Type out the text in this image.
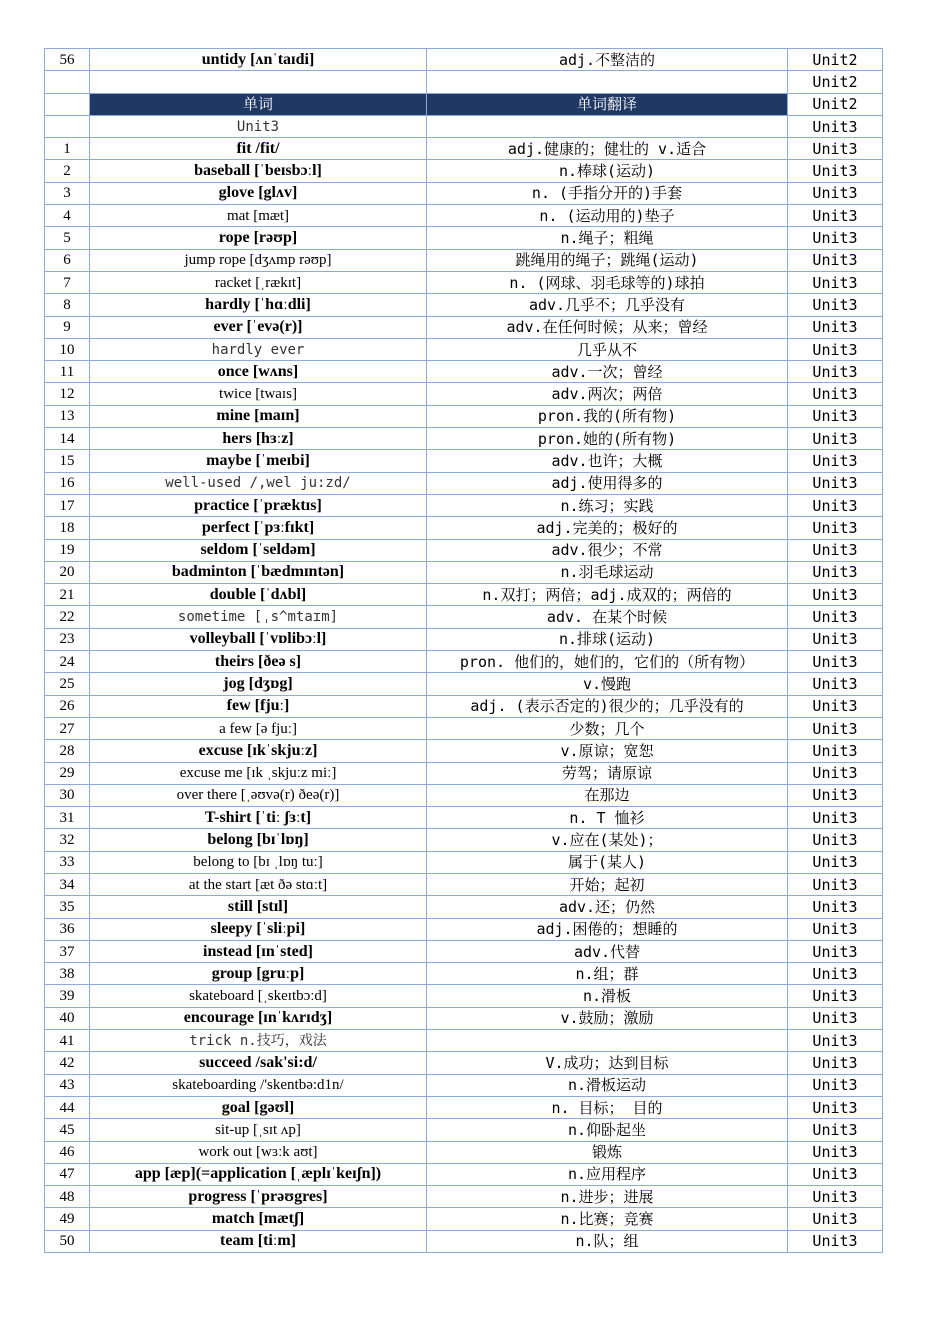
56	untidy [ʌnˈtaɪdi]	adj.不整洁的	Unit2
			Unit2
	单词	单词翻译	Unit2
	Unit3		Unit3
1	fit /fit/	adj.健康的；健壮的 v.适合	Unit3
2	baseball [ˈbeɪsbɔːl]	n.棒球(运动)	Unit3
3	glove [glʌv]	n. (手指分开的)手套	Unit3
4	mat [mæt]	n. (运动用的)垫子	Unit3
5	rope [rəʊp]	n.绳子；粗绳	Unit3
6	jump rope [dʒʌmp rəʊp]	跳绳用的绳子；跳绳(运动)	Unit3
7	racket [ˌrækɪt]	n. (网球、羽毛球等的)球拍	Unit3
8	hardly [ˈhɑːdli]	adv.几乎不；几乎没有	Unit3
9	ever [ˈevə(r)]	adv.在任何时候；从来；曾经	Unit3
10	hardly ever	几乎从不	Unit3
11	once [wʌns]	adv.一次；曾经	Unit3
12	twice [twaɪs]	adv.两次；两倍	Unit3
13	mine [maɪn]	pron.我的(所有物)	Unit3
14	hers [hɜːz]	pron.她的(所有物)	Unit3
15	maybe [ˈmeɪbi]	adv.也许；大概	Unit3
16	well-used /,wel ju:zd/	adj.使用得多的	Unit3
17	practice [ˈpræktɪs]	n.练习；实践	Unit3
18	perfect [ˈpɜːfɪkt]	adj.完美的；极好的	Unit3
19	seldom [ˈseldəm]	adv.很少；不常	Unit3
20	badminton [ˈbædmɪntən]	n.羽毛球运动	Unit3
21	double [ˈdʌbl]	n.双打；两倍；adj.成双的；两倍的	Unit3
22	sometime [ˌs^mtaɪm]	adv. 在某个时候	Unit3
23	volleyball [ˈvɒlibɔːl]	n.排球(运动)	Unit3
24	theirs [ðeə s]	pron. 他们的，她们的，它们的（所有物）	Unit3
25	jog [dʒɒg]	v.慢跑	Unit3
26	few [fjuː]	adj. (表示否定的)很少的；几乎没有的	Unit3
27	a few [ə fjuː]	少数；几个	Unit3
28	excuse [ɪkˈskjuːz]	v.原谅；宽恕	Unit3
29	excuse me [ɪk ˌskjuːz miː]	劳驾；请原谅	Unit3
30	over there [ˌəʊvə(r) ðeə(r)]	在那边	Unit3
31	T-shirt [ˈtiː ʃɜːt]	n. T 恤衫	Unit3
32	belong [bɪˈlɒŋ]	v.应在(某处)；	Unit3
33	belong to [bɪ ˌlɒŋ tuː]	属于(某人)	Unit3
34	at the start [æt ðə stɑːt]	开始；起初	Unit3
35	still [stɪl]	adv.还；仍然	Unit3
36	sleepy [ˈsliːpi]	adj.困倦的；想睡的	Unit3
37	instead [ɪnˈsted]	adv.代替	Unit3
38	group [gruːp]	n.组；群	Unit3
39	skateboard [ˌskeɪtbɔːd]	n.滑板	Unit3
40	encourage [ɪnˈkʌrɪdʒ]	v.鼓励；激励	Unit3
41	trick n.技巧，戏法		Unit3
42	succeed /sak'si:d/	V.成功；达到目标	Unit3
43	skateboarding /'skentbə:d1n/	n.滑板运动	Unit3
44	goal [gəʊl]	n. 目标； 目的	Unit3
45	sit-up [ˌsɪt ʌp]	n.仰卧起坐	Unit3
46	work out [wɜːk aʊt]	锻炼	Unit3
47	app [æp](=application [ˌæplɪˈkeɪʃn])	n.应用程序	Unit3
48	progress [ˈprəʊgres]	n.进步；进展	Unit3
49	match [mætʃ]	n.比赛；竞赛	Unit3
50	team [tiːm]	n.队；组	Unit3
